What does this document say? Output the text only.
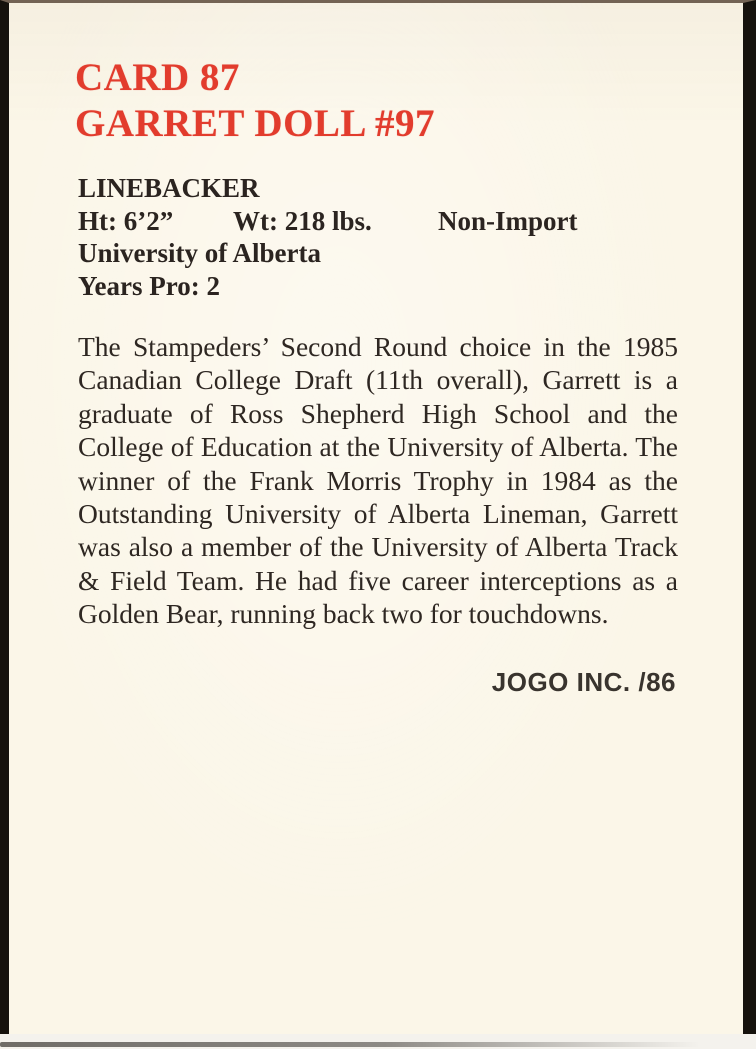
CARD 87
GARRET DOLL #97
LINEBACKER
Ht: 6’2” Wt: 218 lbs. Non-Import
University of Alberta
Years Pro: 2
The Stampeders’ Second Round choice in the 1985 Canadian College Draft (11th overall), Garrett is a graduate of Ross Shepherd High School and the College of Education at the University of Alberta. The winner of the Frank Morris Trophy in 1984 as the Outstanding University of Alberta Lineman, Garrett was also a member of the University of Alberta Track & Field Team. He had five career interceptions as a Golden Bear, running back two for touchdowns.
JOGO INC. /86
